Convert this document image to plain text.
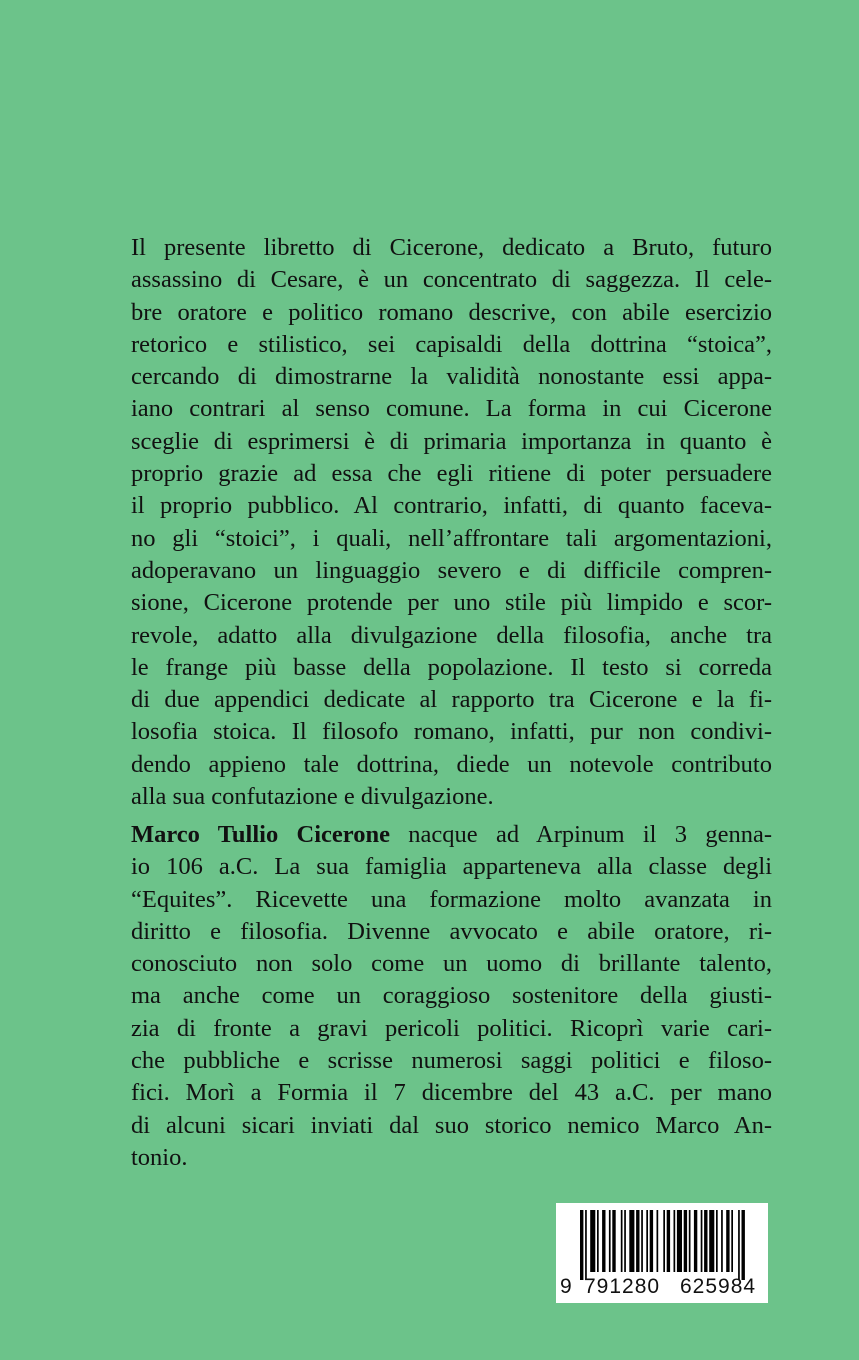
Il presente libretto di Cicerone, dedicato a Bruto, futuro
assassino di Cesare, è un concentrato di saggezza. Il cele-
bre oratore e politico romano descrive, con abile esercizio
retorico e stilistico, sei capisaldi della dottrina “stoica”,
cercando di dimostrarne la validità nonostante essi appa-
iano contrari al senso comune. La forma in cui Cicerone
sceglie di esprimersi è di primaria importanza in quanto è
proprio grazie ad essa che egli ritiene di poter persuadere
il proprio pubblico. Al contrario, infatti, di quanto faceva-
no gli “stoici”, i quali, nell’affrontare tali argomentazioni,
adoperavano un linguaggio severo e di difficile compren-
sione, Cicerone protende per uno stile più limpido e scor-
revole, adatto alla divulgazione della filosofia, anche tra
le frange più basse della popolazione. Il testo si correda
di due appendici dedicate al rapporto tra Cicerone e la fi-
losofia stoica. Il filosofo romano, infatti, pur non condivi-
dendo appieno tale dottrina, diede un notevole contributo
alla sua confutazione e divulgazione.
Marco Tullio Cicerone nacque ad Arpinum il 3 genna-
io 106 a.C. La sua famiglia apparteneva alla classe degli
“Equites”. Ricevette una formazione molto avanzata in
diritto e filosofia. Divenne avvocato e abile oratore, ri-
conosciuto non solo come un uomo di brillante talento,
ma anche come un coraggioso sostenitore della giusti-
zia di fronte a gravi pericoli politici. Ricoprì varie cari-
che pubbliche e scrisse numerosi saggi politici e filoso-
fici. Morì a Formia il 7 dicembre del 43 a.C. per mano
di alcuni sicari inviati dal suo storico nemico Marco An-
tonio.
9 791280 625984
